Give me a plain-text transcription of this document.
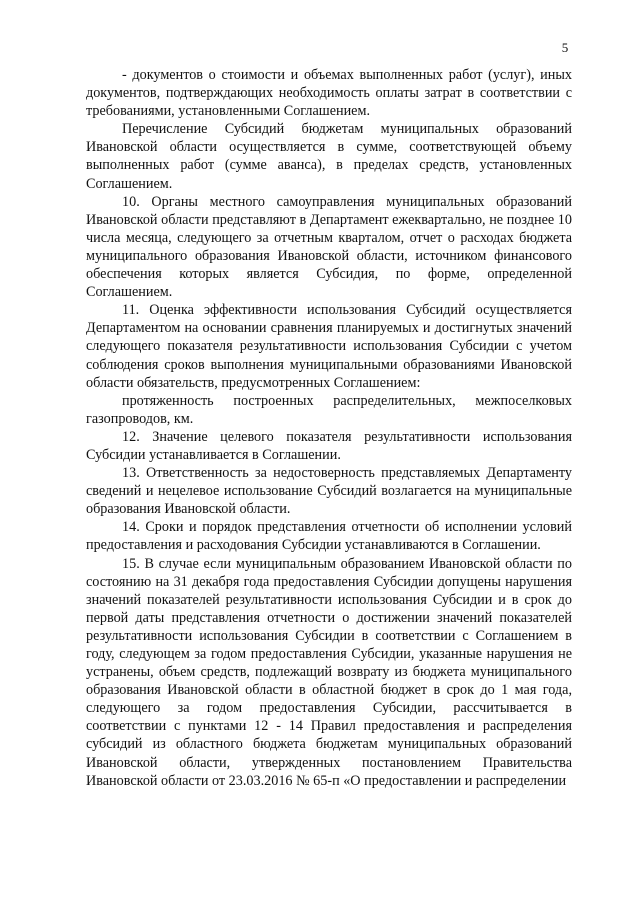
5

- документов о стоимости и объемах выполненных работ (услуг), иных документов, подтверждающих необходимость оплаты затрат в соответствии с требованиями, установленными Соглашением.

Перечисление Субсидий бюджетам муниципальных образований Ивановской области осуществляется в сумме, соответствующей объему выполненных работ (сумме аванса), в пределах средств, установленных Соглашением.

10. Органы местного самоуправления муниципальных образований Ивановской области представляют в Департамент ежеквартально, не позднее 10 числа месяца, следующего за отчетным кварталом, отчет о расходах бюджета муниципального образования Ивановской области, источником финансового обеспечения которых является Субсидия, по форме, определенной Соглашением.

11. Оценка эффективности использования Субсидий осуществляется Департаментом на основании сравнения планируемых и достигнутых значений следующего показателя результативности использования Субсидии с учетом соблюдения сроков выполнения муниципальными образованиями Ивановской области обязательств, предусмотренных Соглашением:

протяженность построенных распределительных, межпоселковых газопроводов, км.

12. Значение целевого показателя результативности использования Субсидии устанавливается в Соглашении.

13. Ответственность за недостоверность представляемых Департаменту сведений и нецелевое использование Субсидий возлагается на муниципальные образования Ивановской области.

14. Сроки и порядок представления отчетности об исполнении условий предоставления и расходования Субсидии устанавливаются в Соглашении.

15. В случае если муниципальным образованием Ивановской области по состоянию на 31 декабря года предоставления Субсидии допущены нарушения значений показателей результативности использования Субсидии и в срок до первой даты представления отчетности о достижении значений показателей результативности использования Субсидии в соответствии с Соглашением в году, следующем за годом предоставления Субсидии, указанные нарушения не устранены, объем средств, подлежащий возврату из бюджета муниципального образования Ивановской области в областной бюджет в срок до 1 мая года, следующего за годом предоставления Субсидии, рассчитывается в соответствии с пунктами 12 - 14 Правил предоставления и распределения субсидий из областного бюджета бюджетам муниципальных образований Ивановской области, утвержденных постановлением Правительства Ивановской области от 23.03.2016 № 65-п «О предоставлении и распределении
